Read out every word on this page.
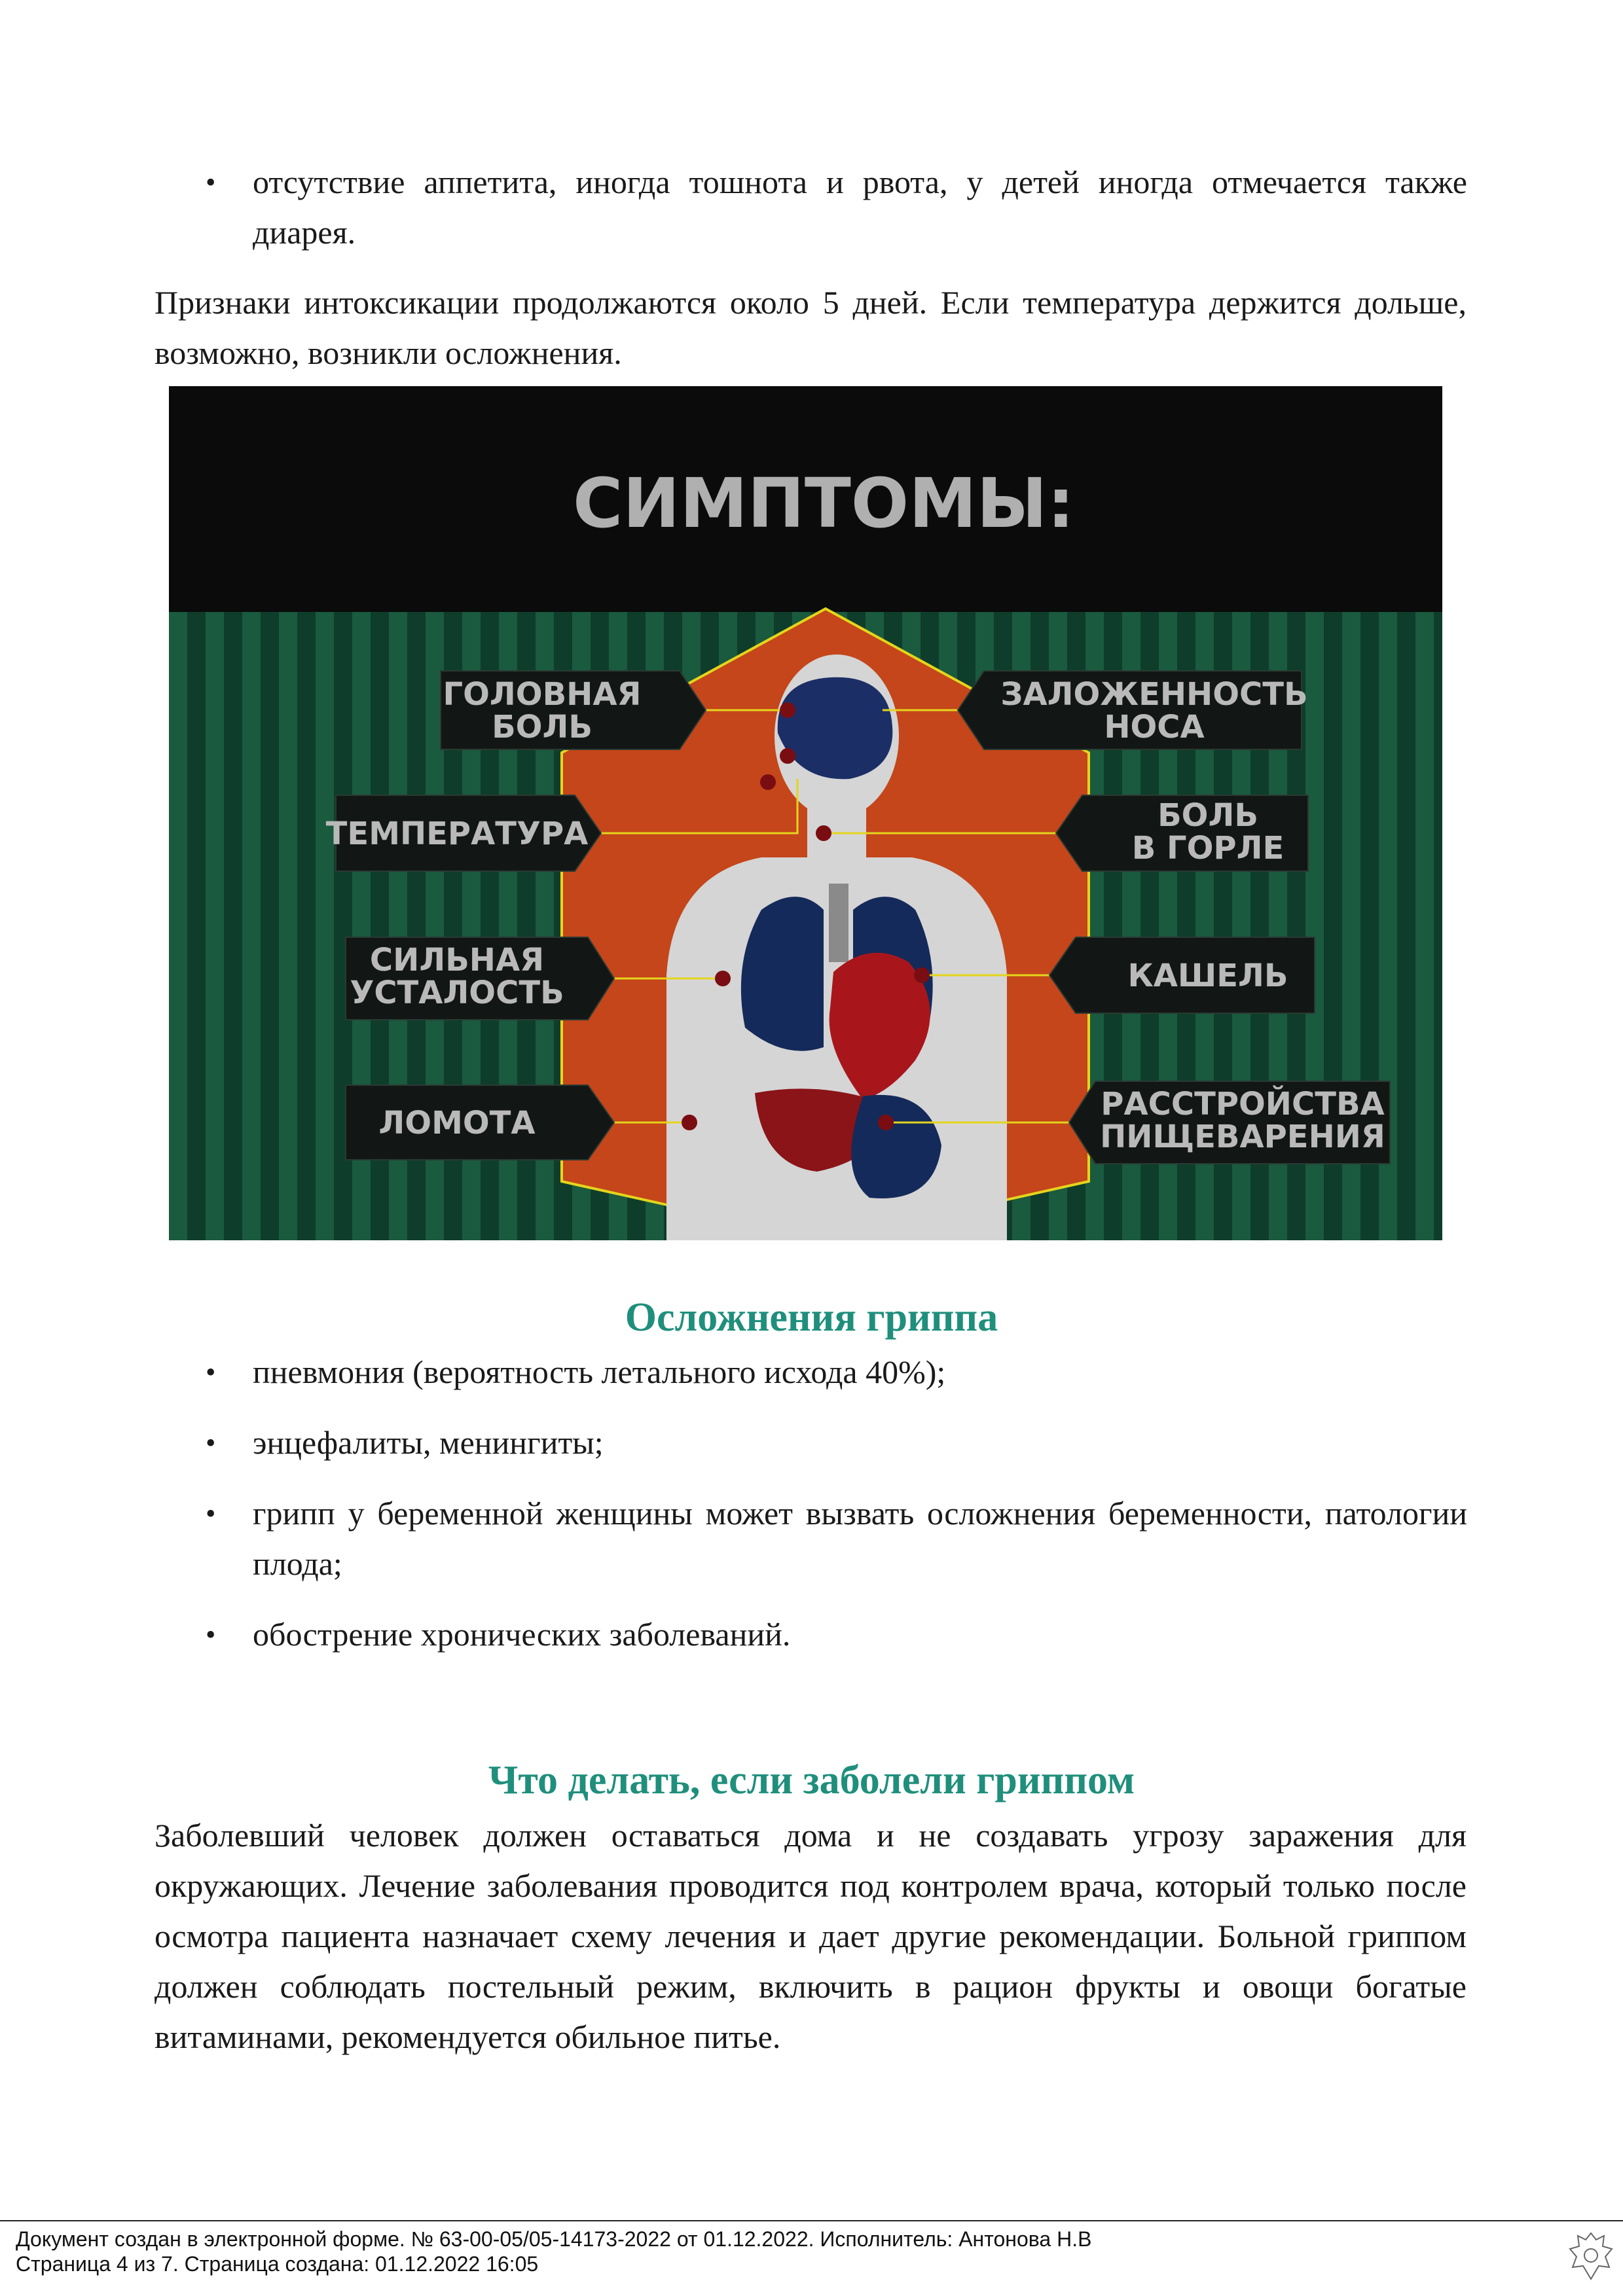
• отсутствие аппетита, иногда тошнота и рвота, у детей иногда отмечается также диарея.

Признаки интоксикации продолжаются около 5 дней. Если температура держится дольше, возможно, возникли осложнения.

СИМПТОМЫ:
ГОЛОВНАЯ
БОЛЬ
ТЕМПЕРАТУРА
СИЛЬНАЯ
УСТАЛОСТЬ
ЛОМОТА
ЗАЛОЖЕННОСТЬ
НОСА
БОЛЬ
В ГОРЛЕ
КАШЕЛЬ
РАССТРОЙСТВА
ПИЩЕВАРЕНИЯ
Осложнения гриппа

• пневмония (вероятность летального исхода 40%);

• энцефалиты, менингиты;

• грипп у беременной женщины может вызвать осложнения беременности, патологии плода;

• обострение хронических заболеваний.

Что делать, если заболели гриппом

Заболевший человек должен оставаться дома и не создавать угрозу заражения для окружающих. Лечение заболевания проводится под контролем врача, который только после осмотра пациента назначает схему лечения и дает другие рекомендации. Больной гриппом должен соблюдать постельный режим, включить в рацион фрукты и овощи богатые витаминами, рекомендуется обильное питье.

Документ создан в электронной форме. № 63-00-05/05-14173-2022 от 01.12.2022. Исполнитель: Антонова Н.В
Страница 4 из 7. Страница создана: 01.12.2022 16:05
